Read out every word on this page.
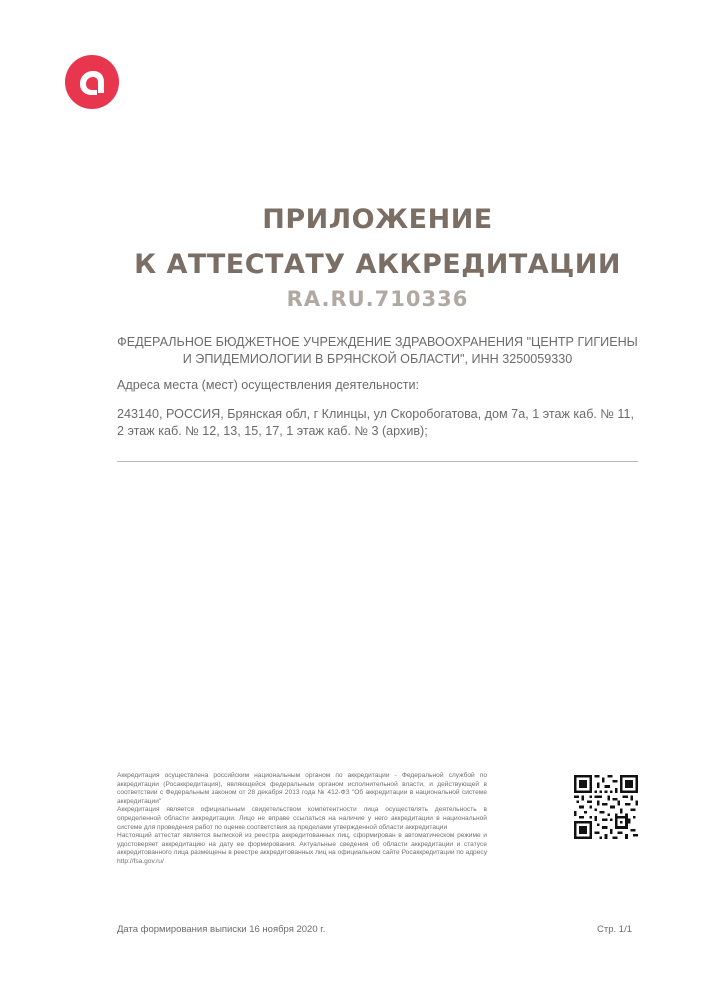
ПРИЛОЖЕНИЕ
К АТТЕСТАТУ АККРЕДИТАЦИИ
RA.RU.710336
ФЕДЕРАЛЬНОЕ БЮДЖЕТНОЕ УЧРЕЖДЕНИЕ ЗДРАВООХРАНЕНИЯ "ЦЕНТР ГИГИЕНЫ И ЭПИДЕМИОЛОГИИ В БРЯНСКОЙ ОБЛАСТИ", ИНН 3250059330
Адреса места (мест) осуществления деятельности:
243140, РОССИЯ, Брянская обл, г Клинцы, ул Скоробогатова, дом 7а, 1 этаж каб. № 11, 2 этаж каб. № 12, 13, 15, 17, 1 этаж каб. № 3 (архив);

Аккредитация осуществлена российским национальным органом по аккредитации - Федеральной службой по аккредитации (Росаккредитация), являющейся федеральным органом исполнительной власти, и действующей в соответствии с Федеральным законом от 28 декабря 2013 года № 412-ФЗ "Об аккредитации в национальной системе аккредитации"

Аккредитация является официальным свидетельством компетентности лица осуществлять деятельность в определенной области аккредитации. Лицо не вправе ссылаться на наличие у него аккредитации в национальной системе для проведения работ по оценке соответствия за пределами утвержденной области аккредитации

Настоящий аттестат является выпиской из реестра аккредитованных лиц, сформирован в автоматическом режиме и удостоверяет аккредитацию на дату ее формирования. Актуальные сведения об области аккредитации и статусе аккредитованного лица размещены в реестре аккредитованных лиц на официальном сайте Росаккредитации по адресу http://fsa.gov.ru/

Дата формирования выписки 16 ноября 2020 г.	Стр. 1/1
